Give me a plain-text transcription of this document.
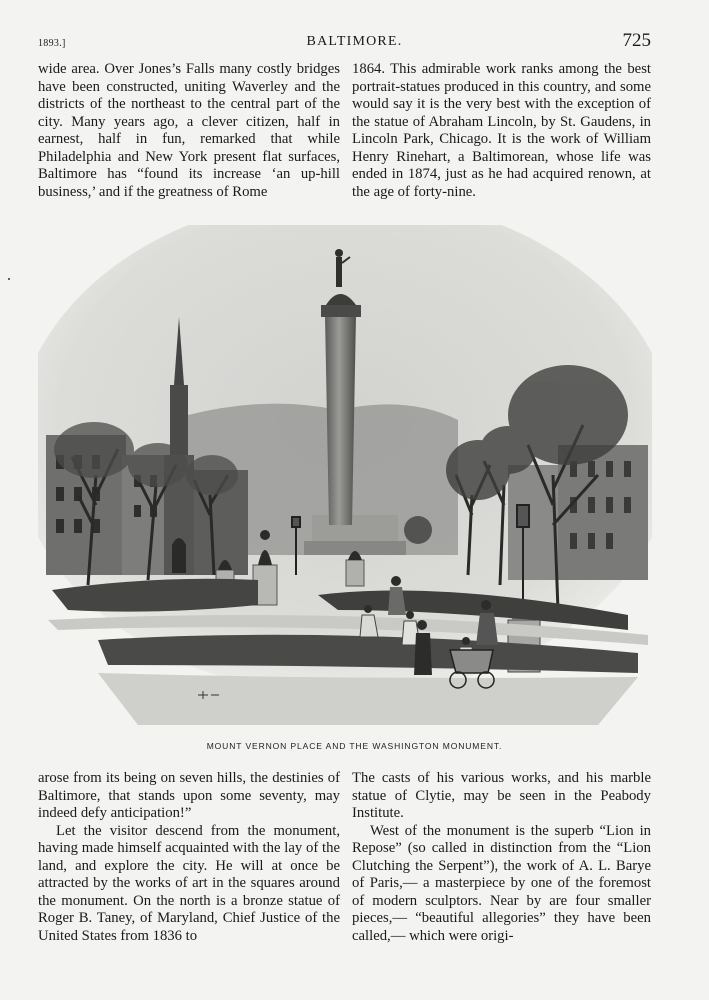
1893.]	BALTIMORE.	725

wide area. Over Jones’s Falls many costly bridges have been constructed, uniting Waverley and the districts of the northeast to the central part of the city. Many years ago, a clever citizen, half in earnest, half in fun, remarked that while Philadelphia and New York present flat surfaces, Baltimore has “found its increase ‘an up-hill business,’ and if the greatness of Rome

1864. This admirable work ranks among the best portrait-statues produced in this country, and some would say it is the very best with the exception of the statue of Abraham Lincoln, by St. Gaudens, in Lincoln Park, Chicago. It is the work of William Henry Rinehart, a Baltimorean, whose life was ended in 1874, just as he had acquired renown, at the age of forty-nine.

MOUNT VERNON PLACE AND THE WASHINGTON MONUMENT.

arose from its being on seven hills, the destinies of Baltimore, that stands upon some seventy, may indeed defy anticipation!”

Let the visitor descend from the monument, having made himself acquainted with the lay of the land, and explore the city. He will at once be attracted by the works of art in the squares around the monument. On the north is a bronze statue of Roger B. Taney, of Maryland, Chief Justice of the United States from 1836 to

The casts of his various works, and his marble statue of Clytie, may be seen in the Peabody Institute.

West of the monument is the superb “Lion in Repose” (so called in distinction from the “Lion Clutching the Serpent”), the work of A. L. Barye of Paris,— a masterpiece by one of the foremost of modern sculptors. Near by are four smaller pieces,— “beautiful allegories” they have been called,— which were origi-
